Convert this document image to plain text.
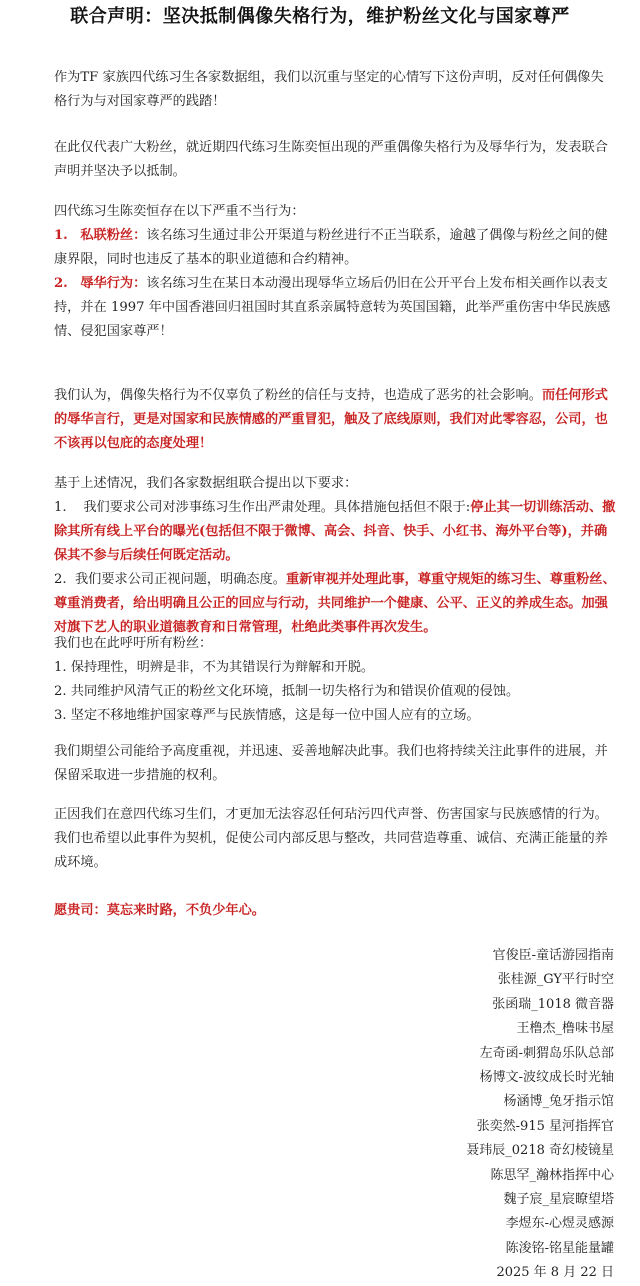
联合声明：坚决抵制偶像失格行为，维护粉丝文化与国家尊严

作为TF 家族四代练习生各家数据组，我们以沉重与坚定的心情写下这份声明，反对任何偶像失格行为与对国家尊严的践踏！

在此仅代表广大粉丝，就近期四代练习生陈奕恒出现的严重偶像失格行为及辱华行为，发表联合声明并坚决予以抵制。

四代练习生陈奕恒存在以下严重不当行为：
1. 私联粉丝：该名练习生通过非公开渠道与粉丝进行不正当联系，逾越了偶像与粉丝之间的健康界限，同时也违反了基本的职业道德和合约精神。
2. 辱华行为：该名练习生在某日本动漫出现辱华立场后仍旧在公开平台上发布相关画作以表支持，并在 1997 年中国香港回归祖国时其直系亲属特意转为英国国籍，此举严重伤害中华民族感情、侵犯国家尊严！

我们认为，偶像失格行为不仅辜负了粉丝的信任与支持，也造成了恶劣的社会影响。而任何形式的辱华言行，更是对国家和民族情感的严重冒犯，触及了底线原则，我们对此零容忍，公司，也不该再以包庇的态度处理！

基于上述情况，我们各家数据组联合提出以下要求：
1. 我们要求公司对涉事练习生作出严肃处理。具体措施包括但不限于:停止其一切训练活动、撤除其所有线上平台的曝光(包括但不限于微博、高会、抖音、快手、小红书、海外平台等)，并确保其不参与后续任何既定活动。
2. 我们要求公司正视问题，明确态度。重新审视并处理此事，尊重守规矩的练习生、尊重粉丝、尊重消费者，给出明确且公正的回应与行动，共同维护一个健康、公平、正义的养成生态。加强对旗下艺人的职业道德教育和日常管理，杜绝此类事件再次发生。
我们也在此呼吁所有粉丝：
1. 保持理性，明辨是非，不为其错误行为辩解和开脱。
2. 共同维护风清气正的粉丝文化环境，抵制一切失格行为和错误价值观的侵蚀。
3. 坚定不移地维护国家尊严与民族情感，这是每一位中国人应有的立场。

我们期望公司能给予高度重视，并迅速、妥善地解决此事。我们也将持续关注此事件的进展，并保留采取进一步措施的权利。

正因我们在意四代练习生们，才更加无法容忍任何玷污四代声誉、伤害国家与民族感情的行为。我们也希望以此事件为契机，促使公司内部反思与整改，共同营造尊重、诚信、充满正能量的养成环境。

愿贵司：莫忘来时路，不负少年心。

官俊臣-童话游园指南
张桂源_GY平行时空
张函瑞_1018 微音器
王橹杰_橹味书屋
左奇函-刺猬岛乐队总部
杨博文-波纹成长时光轴
杨涵博_兔牙指示馆
张奕然-915 星河指挥官
聂玮辰_0218 奇幻棱镜星
陈思罕_瀚林指挥中心
魏子宸_星宸瞭望塔
李煜东-心煜灵感源
陈浚铭-铭星能量罐
2025 年 8 月 22 日
